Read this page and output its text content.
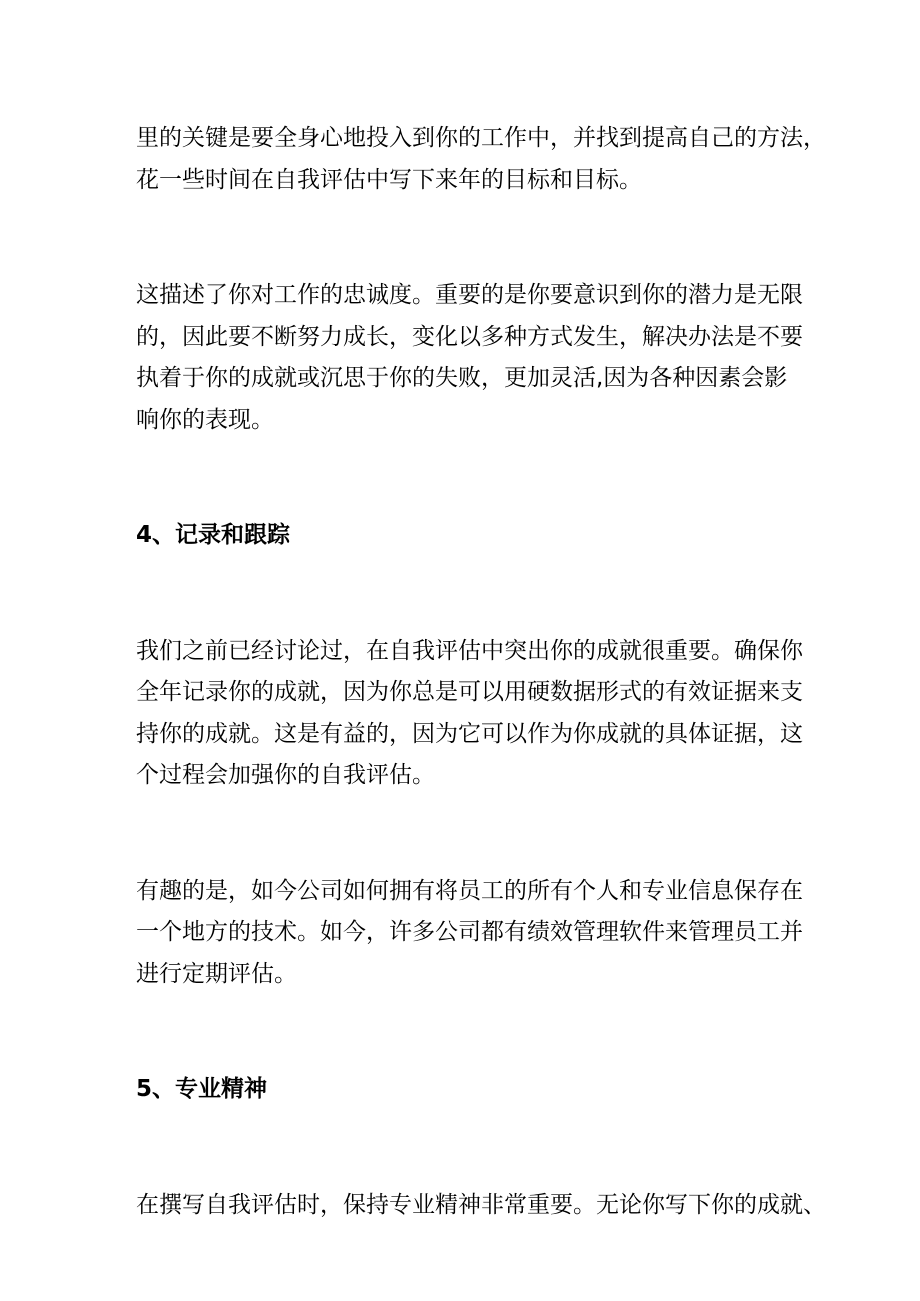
里的关键是要全身心地投入到你的工作中，并找到提高自己的方法，
花一些时间在自我评估中写下来年的目标和目标。

这描述了你对工作的忠诚度。重要的是你要意识到你的潜力是无限
的，因此要不断努力成长，变化以多种方式发生，解决办法是不要
执着于你的成就或沉思于你的失败，更加灵活,因为各种因素会影
响你的表现。

4、记录和跟踪

我们之前已经讨论过，在自我评估中突出你的成就很重要。确保你
全年记录你的成就，因为你总是可以用硬数据形式的有效证据来支
持你的成就。这是有益的，因为它可以作为你成就的具体证据，这
个过程会加强你的自我评估。

有趣的是，如今公司如何拥有将员工的所有个人和专业信息保存在
一个地方的技术。如今，许多公司都有绩效管理软件来管理员工并
进行定期评估。

5、专业精神

在撰写自我评估时，保持专业精神非常重要。无论你写下你的成就、
